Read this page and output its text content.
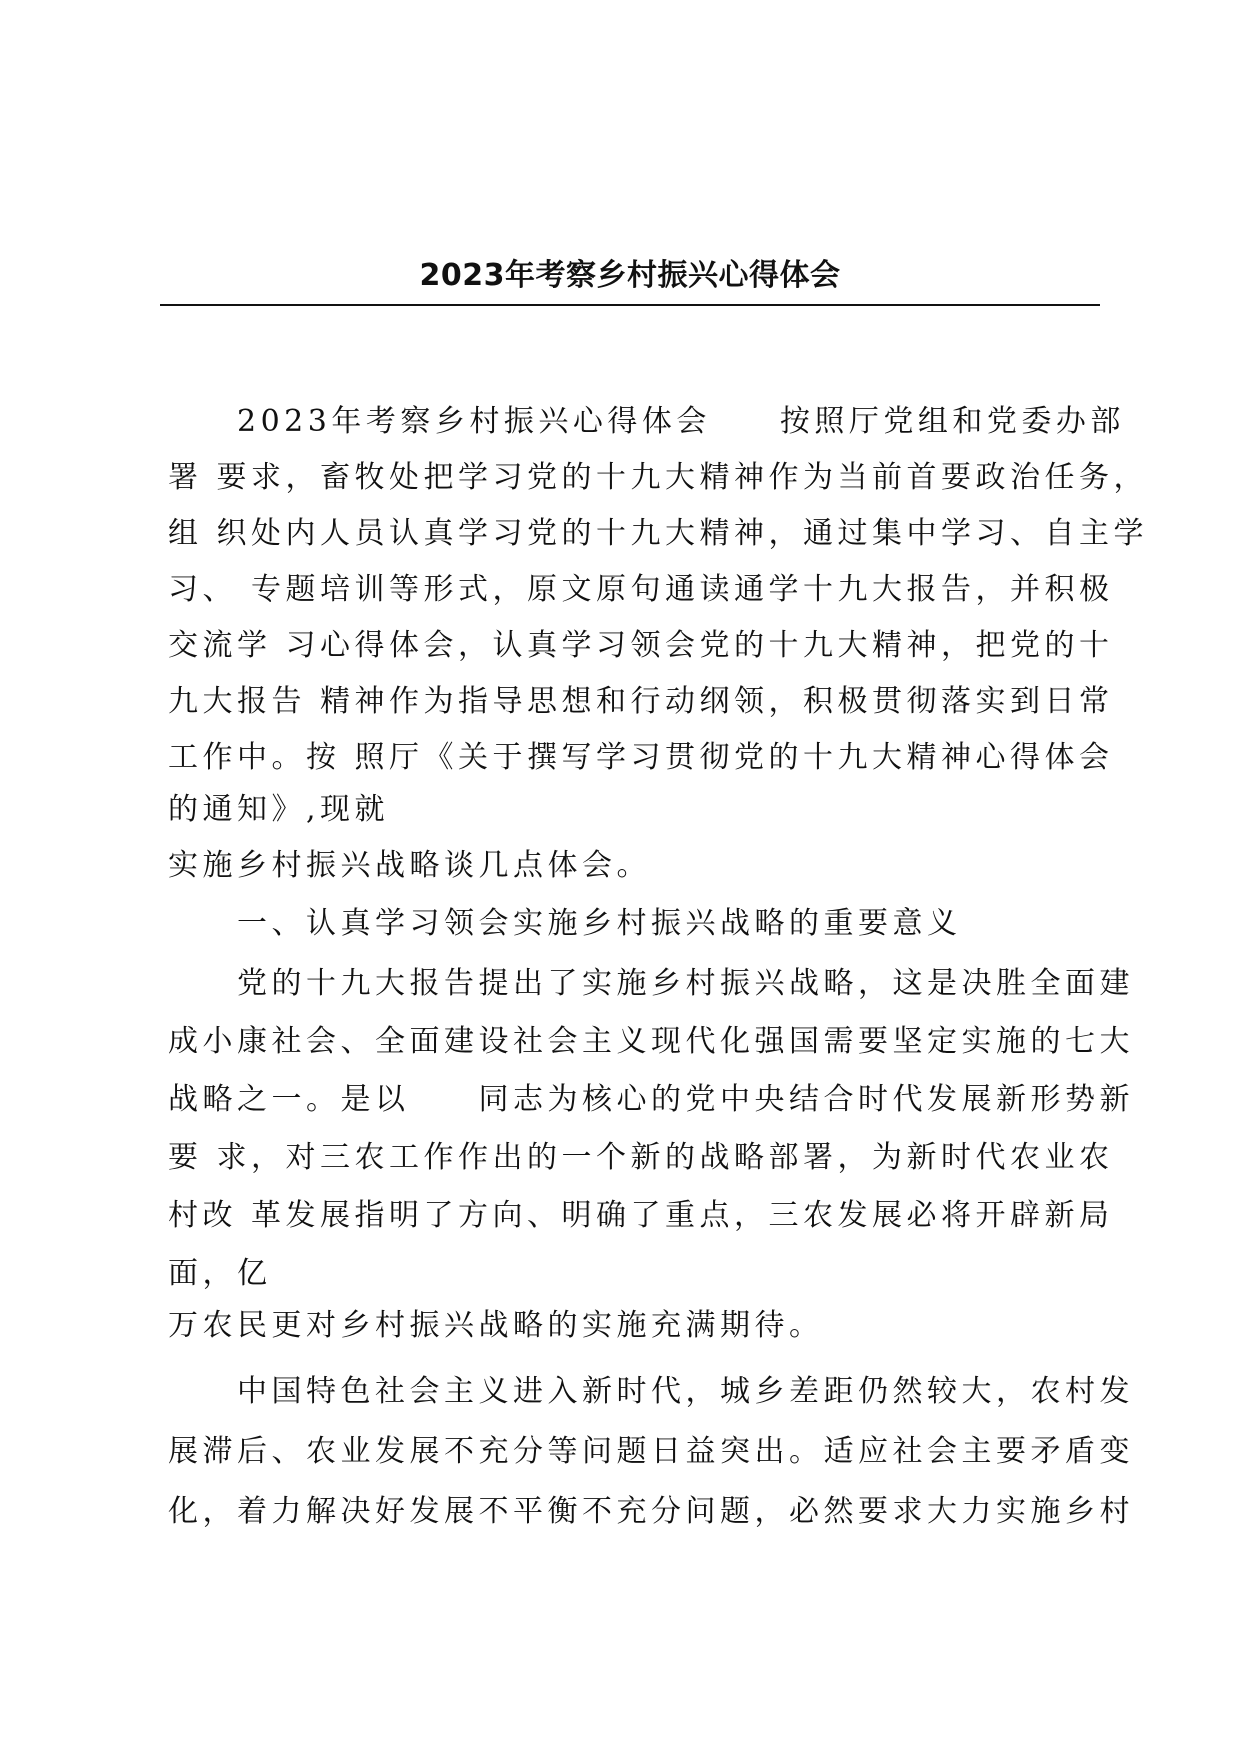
2023年考察乡村振兴心得体会
　　2023年考察乡村振兴心得体会　　按照厅党组和党委办部
署 要求，畜牧处把学习党的十九大精神作为当前首要政治任务，
组 织处内人员认真学习党的十九大精神，通过集中学习、自主学
习、 专题培训等形式，原文原句通读通学十九大报告，并积极
交流学 习心得体会，认真学习领会党的十九大精神，把党的十
九大报告 精神作为指导思想和行动纲领，积极贯彻落实到日常
工作中。按 照厅《关于撰写学习贯彻党的十九大精神心得体会
的通知》,现就
实施乡村振兴战略谈几点体会。
　　一、认真学习领会实施乡村振兴战略的重要意义
　　党的十九大报告提出了实施乡村振兴战略，这是决胜全面建
成小康社会、全面建设社会主义现代化强国需要坚定实施的七大
战略之一。是以　　同志为核心的党中央结合时代发展新形势新
要 求，对三农工作作出的一个新的战略部署，为新时代农业农
村改 革发展指明了方向、明确了重点，三农发展必将开辟新局
面，亿
万农民更对乡村振兴战略的实施充满期待。
　　中国特色社会主义进入新时代，城乡差距仍然较大，农村发
展滞后、农业发展不充分等问题日益突出。适应社会主要矛盾变
化，着力解决好发展不平衡不充分问题，必然要求大力实施乡村
